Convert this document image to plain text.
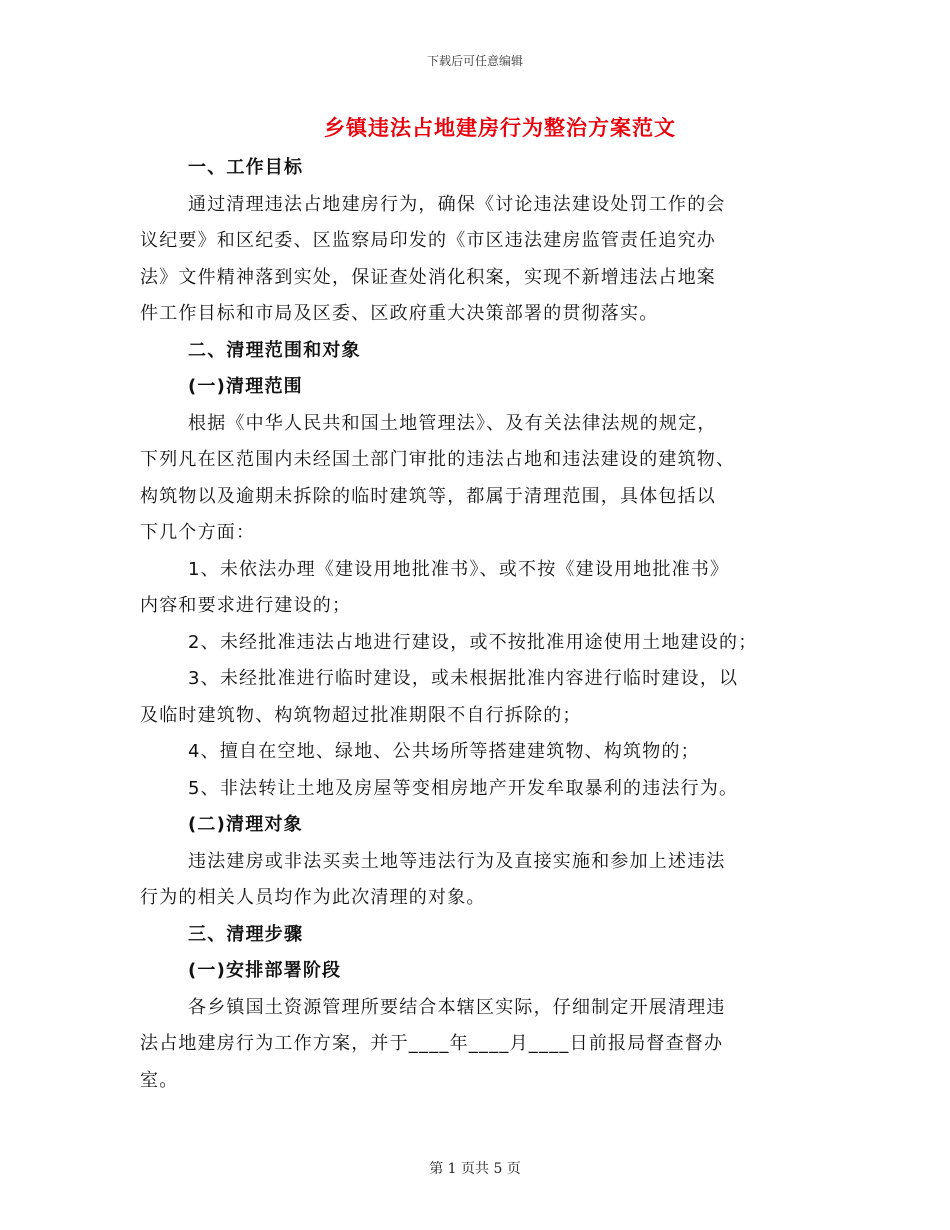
下载后可任意编辑
乡镇违法占地建房行为整治方案范文

一、工作目标

通过清理违法占地建房行为，确保《讨论违法建设处罚工作的会

议纪要》和区纪委、区监察局印发的《市区违法建房监管责任追究办

法》文件精神落到实处，保证查处消化积案，实现不新增违法占地案

件工作目标和市局及区委、区政府重大决策部署的贯彻落实。

二、清理范围和对象

(一)清理范围

根据《中华人民共和国土地管理法》、及有关法律法规的规定，

下列凡在区范围内未经国土部门审批的违法占地和违法建设的建筑物、

构筑物以及逾期未拆除的临时建筑等，都属于清理范围，具体包括以

下几个方面：

1、未依法办理《建设用地批准书》、或不按《建设用地批准书》

内容和要求进行建设的；

2、未经批准违法占地进行建设，或不按批准用途使用土地建设的；

3、未经批准进行临时建设，或未根据批准内容进行临时建设，以

及临时建筑物、构筑物超过批准期限不自行拆除的；

4、擅自在空地、绿地、公共场所等搭建建筑物、构筑物的；

5、非法转让土地及房屋等变相房地产开发牟取暴利的违法行为。

(二)清理对象

违法建房或非法买卖土地等违法行为及直接实施和参加上述违法

行为的相关人员均作为此次清理的对象。

三、清理步骤

(一)安排部署阶段

各乡镇国土资源管理所要结合本辖区实际，仔细制定开展清理违

法占地建房行为工作方案，并于____年____月____日前报局督查督办

室。

第 1 页共 5 页
